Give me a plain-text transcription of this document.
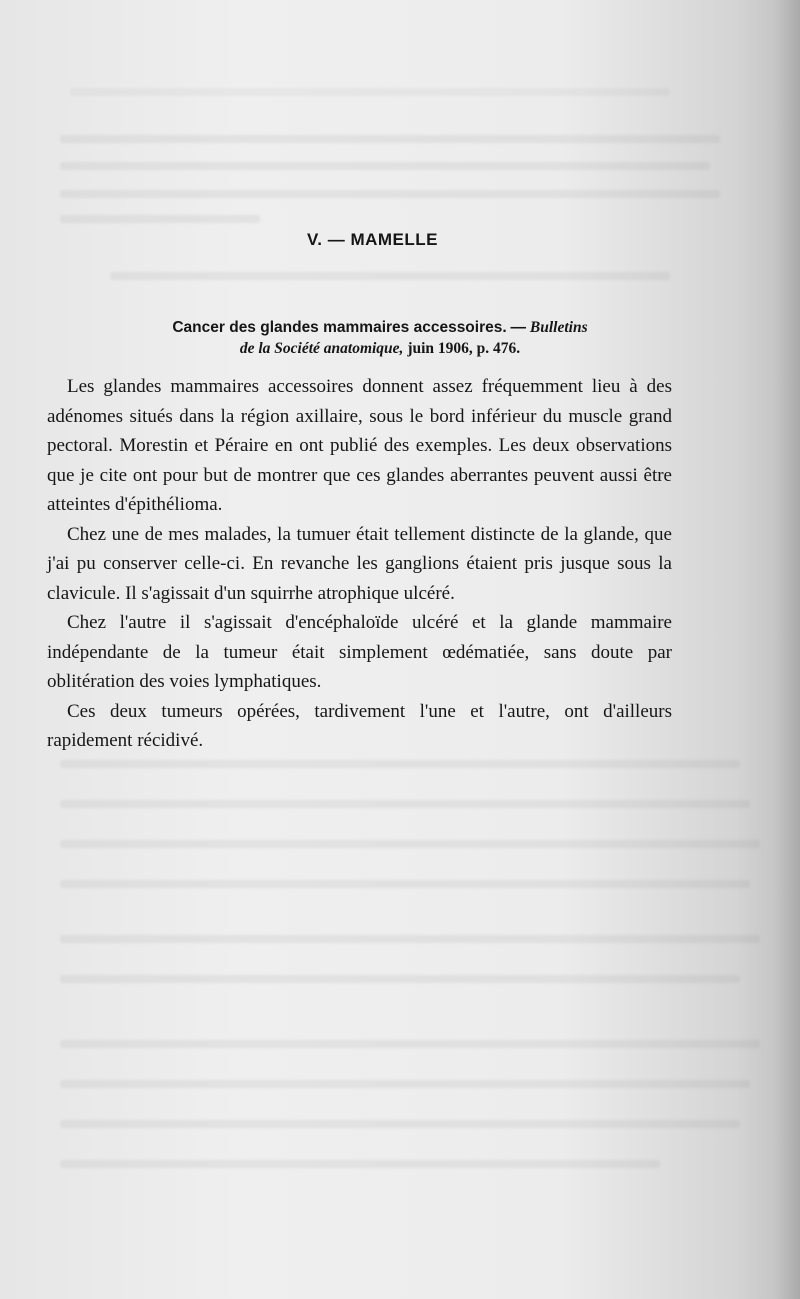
V. — MAMELLE
Cancer des glandes mammaires accessoires. — Bulletins
de la Société anatomique, juin 1906, p. 476.

Les glandes mammaires accessoires donnent assez fréquemment lieu à des adénomes situés dans la région axillaire, sous le bord inférieur du muscle grand pectoral. Morestin et Péraire en ont publié des exemples. Les deux observations que je cite ont pour but de montrer que ces glandes aberrantes peuvent aussi être atteintes d'épithélioma.

Chez une de mes malades, la tumuer était tellement distincte de la glande, que j'ai pu conserver celle-ci. En revanche les ganglions étaient pris jusque sous la clavicule. Il s'agissait d'un squirrhe atrophique ulcéré.

Chez l'autre il s'agissait d'encéphaloïde ulcéré et la glande mammaire indépendante de la tumeur était simplement œdématiée, sans doute par oblitération des voies lymphatiques.

Ces deux tumeurs opérées, tardivement l'une et l'autre, ont d'ailleurs rapidement récidivé.
